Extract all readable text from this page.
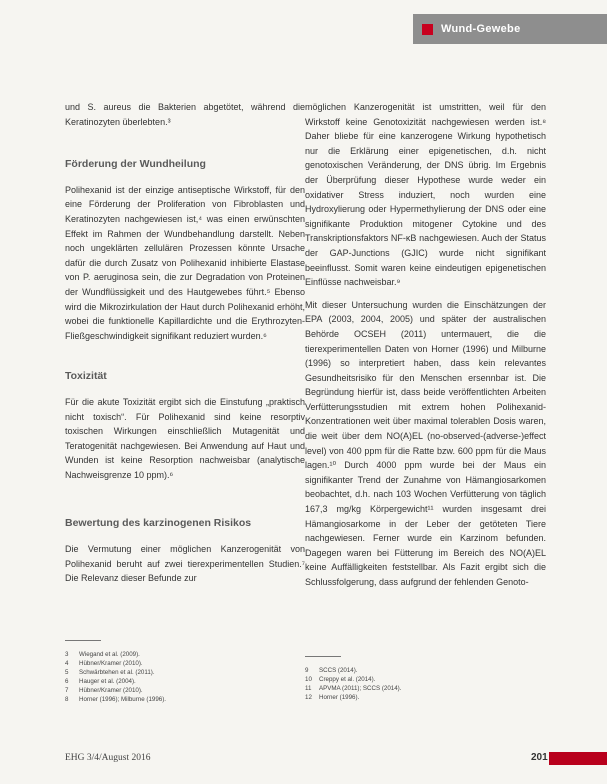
Wund-Gewebe

und S. aureus die Bakterien abgetötet, während die Keratinozyten überlebten.³

Förderung der Wundheilung

Polihexanid ist der einzige antiseptische Wirkstoff, für den eine Förderung der Proliferation von Fibroblasten und Keratinozyten nachgewiesen ist,⁴ was einen erwünschten Effekt im Rahmen der Wundbehandlung darstellt. Neben noch ungeklärten zellulären Prozessen könnte Ursache dafür die durch Zusatz von Polihexanid inhibierte Elastase von P. aeruginosa sein, die zur Degradation von Proteinen der Wundflüssigkeit und des Hautgewebes führt.⁵ Ebenso wird die Mikrozirkulation der Haut durch Polihexanid erhöht, wobei die funktionelle Kapillardichte und die Erythrozyten-Fließgeschwindigkeit signifikant reduziert wurden.⁶

Toxizität

Für die akute Toxizität ergibt sich die Einstufung „praktisch nicht toxisch“. Für Polihexanid sind keine resorptiv toxischen Wirkungen einschließlich Mutagenität und Teratogenität nachgewiesen. Bei Anwendung auf Haut und Wunden ist keine Resorption nachweisbar (analytische Nachweisgrenze 10 ppm).⁶

Bewertung des karzinogenen Risikos

Die Vermutung einer möglichen Kanzerogenität von Polihexanid beruht auf zwei tierexperimentellen Studien.⁷ Die Relevanz dieser Befunde zur

möglichen Kanzerogenität ist umstritten, weil für den Wirkstoff keine Genotoxizität nachgewiesen werden ist.⁸ Daher bliebe für eine kanzerogene Wirkung hypothetisch nur die Erklärung einer epigenetischen, d.h. nicht genotoxischen Veränderung, der DNS übrig. Im Ergebnis der Überprüfung dieser Hypothese wurde weder ein oxidativer Stress induziert, noch wurden eine Hydroxylierung oder Hypermethylierung der DNS oder eine signifikante Produktion mitogener Cytokine und des Transkriptionsfaktors NF-κB nachgewiesen. Auch der Status der GAP-Junctions (GJIC) wurde nicht signifikant beeinflusst. Somit waren keine eindeutigen epigenetischen Einflüsse nachweisbar.⁹

Mit dieser Untersuchung wurden die Einschätzungen der EPA (2003, 2004, 2005) und später der australischen Behörde OCSEH (2011) untermauert, die die tierexperimentellen Daten von Horner (1996) und Milburne (1996) so interpretiert haben, dass kein relevantes Gesundheitsrisiko für den Menschen ersennbar ist. Die Begründung hierfür ist, dass beide veröffentlichten Arbeiten Verfütterungsstudien mit extrem hohen Polihexanid-Konzentrationen weit über maximal tolerablen Dosis waren, die weit über dem NO(A)EL (no-observed-(adverse-)effect level) von 400 ppm für die Ratte bzw. 600 ppm für die Maus lagen.¹⁰ Durch 4000 ppm wurde bei der Maus ein signifikanter Trend der Zunahme von Hämangiosarkomen beobachtet, d.h. nach 103 Wochen Verfütterung von täglich 167,3 mg/kg Körpergewicht¹¹ wurden insgesamt drei Hämangiosarkome in der Leber der getöteten Tiere nachgewiesen. Ferner wurde ein Karzinom befunden. Dagegen waren bei Fütterung im Bereich des NO(A)EL keine Auffälligkeiten feststellbar. Als Fazit ergibt sich die Schlussfolgerung, dass aufgrund der fehlenden Genoto-

3	Wiegand et al. (2009).
4	Hübner/Kramer (2010).
5	Schwärbtehen et al. (2011).
6	Hauger et al. (2004).
7	Hübner/Kramer (2010).
8	Horner (1996); Milburne (1996).
9	SCCS (2014).
10	Creppy et al. (2014).
11	APVMA (2011); SCCS (2014).
12	Horner (1996).
EHG 3/4/August 2016	201
